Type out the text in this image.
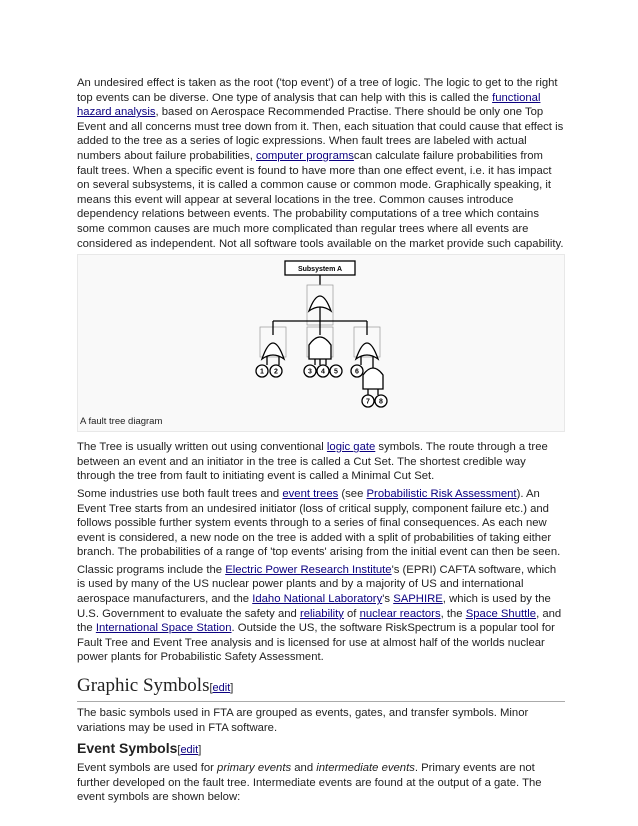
An undesired effect is taken as the root ('top event') of a tree of logic. The logic to get to the right top events can be diverse. One type of analysis that can help with this is called the functional hazard analysis, based on Aerospace Recommended Practise. There should be only one Top Event and all concerns must tree down from it. Then, each situation that could cause that effect is added to the tree as a series of logic expressions. When fault trees are labeled with actual numbers about failure probabilities, computer programscan calculate failure probabilities from fault trees. When a specific event is found to have more than one effect event, i.e. it has impact on several subsystems, it is called a common cause or common mode. Graphically speaking, it means this event will appear at several locations in the tree. Common causes introduce dependency relations between events. The probability computations of a tree which contains some common causes are much more complicated than regular trees where all events are considered as independent. Not all software tools available on the market provide such capability.

Subsystem A
1 2	3 4 5 6
7 8
A fault tree diagram

The Tree is usually written out using conventional logic gate symbols. The route through a tree between an event and an initiator in the tree is called a Cut Set. The shortest credible way through the tree from fault to initiating event is called a Minimal Cut Set.

Some industries use both fault trees and event trees (see Probabilistic Risk Assessment). An Event Tree starts from an undesired initiator (loss of critical supply, component failure etc.) and follows possible further system events through to a series of final consequences. As each new event is considered, a new node on the tree is added with a split of probabilities of taking either branch. The probabilities of a range of 'top events' arising from the initial event can then be seen.

Classic programs include the Electric Power Research Institute's (EPRI) CAFTA software, which is used by many of the US nuclear power plants and by a majority of US and international aerospace manufacturers, and the Idaho National Laboratory's SAPHIRE, which is used by the U.S. Government to evaluate the safety and reliability of nuclear reactors, the Space Shuttle, and the International Space Station. Outside the US, the software RiskSpectrum is a popular tool for Fault Tree and Event Tree analysis and is licensed for use at almost half of the worlds nuclear power plants for Probabilistic Safety Assessment.

Graphic Symbols[edit]

The basic symbols used in FTA are grouped as events, gates, and transfer symbols. Minor variations may be used in FTA software.

Event Symbols[edit]

Event symbols are used for primary events and intermediate events. Primary events are not further developed on the fault tree. Intermediate events are found at the output of a gate. The event symbols are shown below:
